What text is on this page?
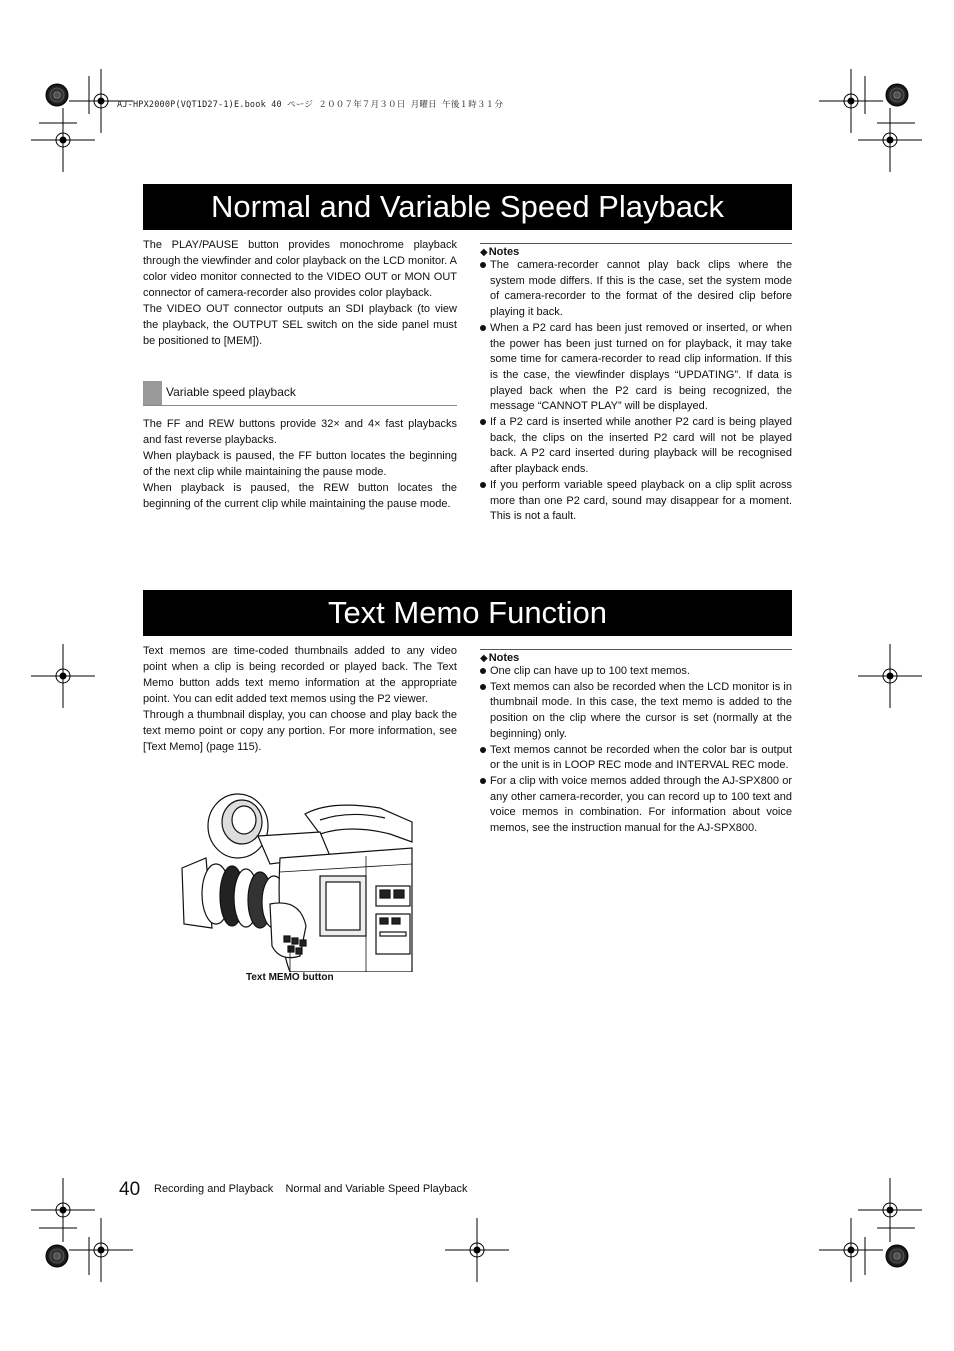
AJ-HPX2000P(VQT1D27-1)E.book 40 ページ ２００７年７月３０日 月曜日 午後１時３１分
Normal and Variable Speed Playback

The PLAY/PAUSE button provides monochrome playback through the viewfinder and color playback on the LCD monitor. A color video monitor connected to the VIDEO OUT or MON OUT connector of camera-recorder also provides color playback.

The VIDEO OUT connector outputs an SDI playback (to view the playback, the OUTPUT SEL switch on the side panel must be positioned to [MEM]).

Variable speed playback

The FF and REW buttons provide 32× and 4× fast playbacks and fast reverse playbacks.

When playback is paused, the FF button locates the beginning of the next clip while maintaining the pause mode.

When playback is paused, the REW button locates the beginning of the current clip while maintaining the pause mode.

◆Notes
The camera-recorder cannot play back clips where the system mode differs. If this is the case, set the system mode of camera-recorder to the format of the desired clip before playing it back.
When a P2 card has been just removed or inserted, or when the power has been just turned on for playback, it may take some time for camera-recorder to read clip information. If this is the case, the viewfinder displays “UPDATING”. If data is played back when the P2 card is being recognized, the message “CANNOT PLAY” will be displayed.
If a P2 card is inserted while another P2 card is being played back, the clips on the inserted P2 card will not be played back. A P2 card inserted during playback will be recognised after playback ends.
If you perform variable speed playback on a clip split across more than one P2 card, sound may disappear for a moment. This is not a fault.
Text Memo Function

Text memos are time-coded thumbnails added to any video point when a clip is being recorded or played back. The Text Memo button adds text memo information at the appropriate point. You can edit added text memos using the P2 viewer.

Through a thumbnail display, you can choose and play back the text memo point or copy any portion. For more information, see [Text Memo] (page 115).

Text MEMO button
◆Notes
One clip can have up to 100 text memos.
Text memos can also be recorded when the LCD monitor is in thumbnail mode. In this case, the text memo is added to the position on the clip where the cursor is set (normally at the beginning) only.
Text memos cannot be recorded when the color bar is output or the unit is in LOOP REC mode and INTERVAL REC mode.
For a clip with voice memos added through the AJ-SPX800 or any other camera-recorder, you can record up to 100 text and voice memos in combination. For information about voice memos, see the instruction manual for the AJ-SPX800.
40 Recording and Playback    Normal and Variable Speed Playback
